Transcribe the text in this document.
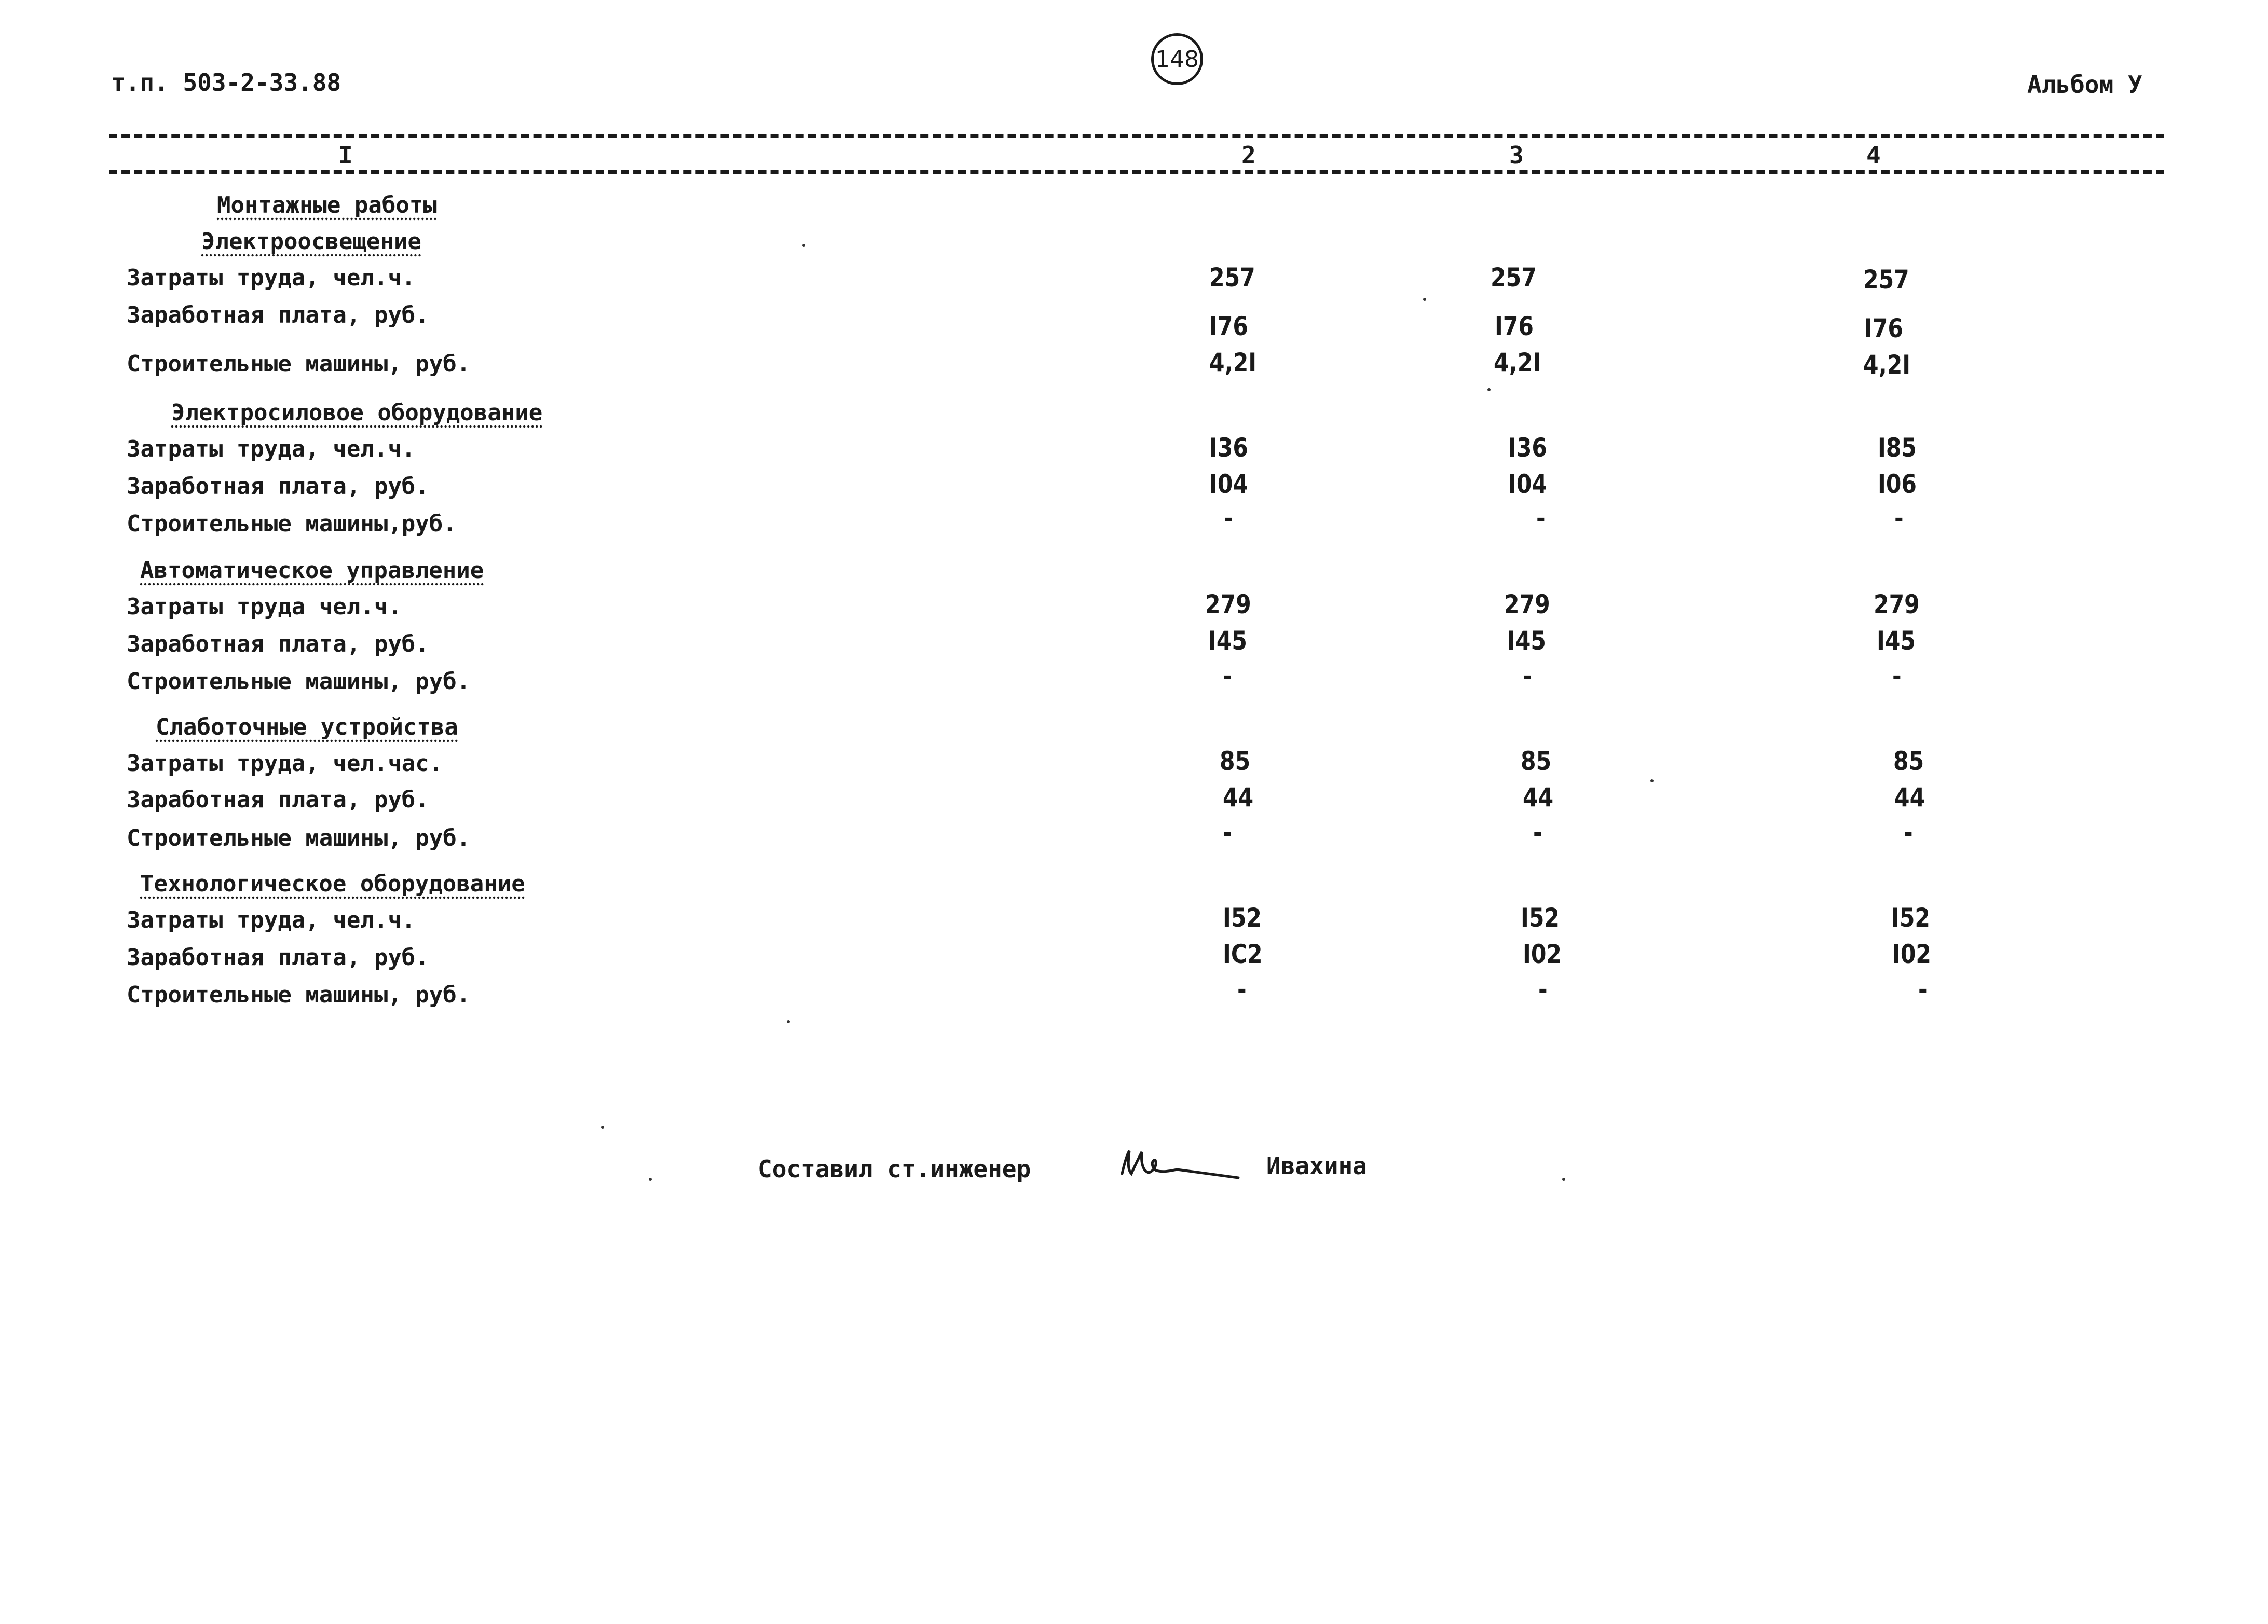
т.п. 503-2-33.88
148
Альбом У
I	2	3	4
Монтажные работы
Электроосвещение
Затраты труда, чел.ч.	257	257	257
Заработная плата, руб.	I76	I76	I76
Строительные машины, руб.	4,2I	4,2I	4,2I
Электросиловое оборудование
Затраты труда, чел.ч.	I36	I36	I85
Заработная плата, руб.	I04	I04	I06
Строительные машины,руб.	-	-	-
Автоматическое управление
Затраты труда чел.ч.	279	279	279
Заработная плата, руб.	I45	I45	I45
Строительные машины, руб.	-	-	-
Слаботочные устройства
Затраты труда, чел.час.	85	85	85
Заработная плата, руб.	44	44	44
Строительные машины, руб.	-	-	-
Технологическое оборудование
Затраты труда, чел.ч.	I52	I52	I52
Заработная плата, руб.	IC2	I02	I02
Строительные машины, руб.	-	-	-
Составил ст.инженер	Ивахина
